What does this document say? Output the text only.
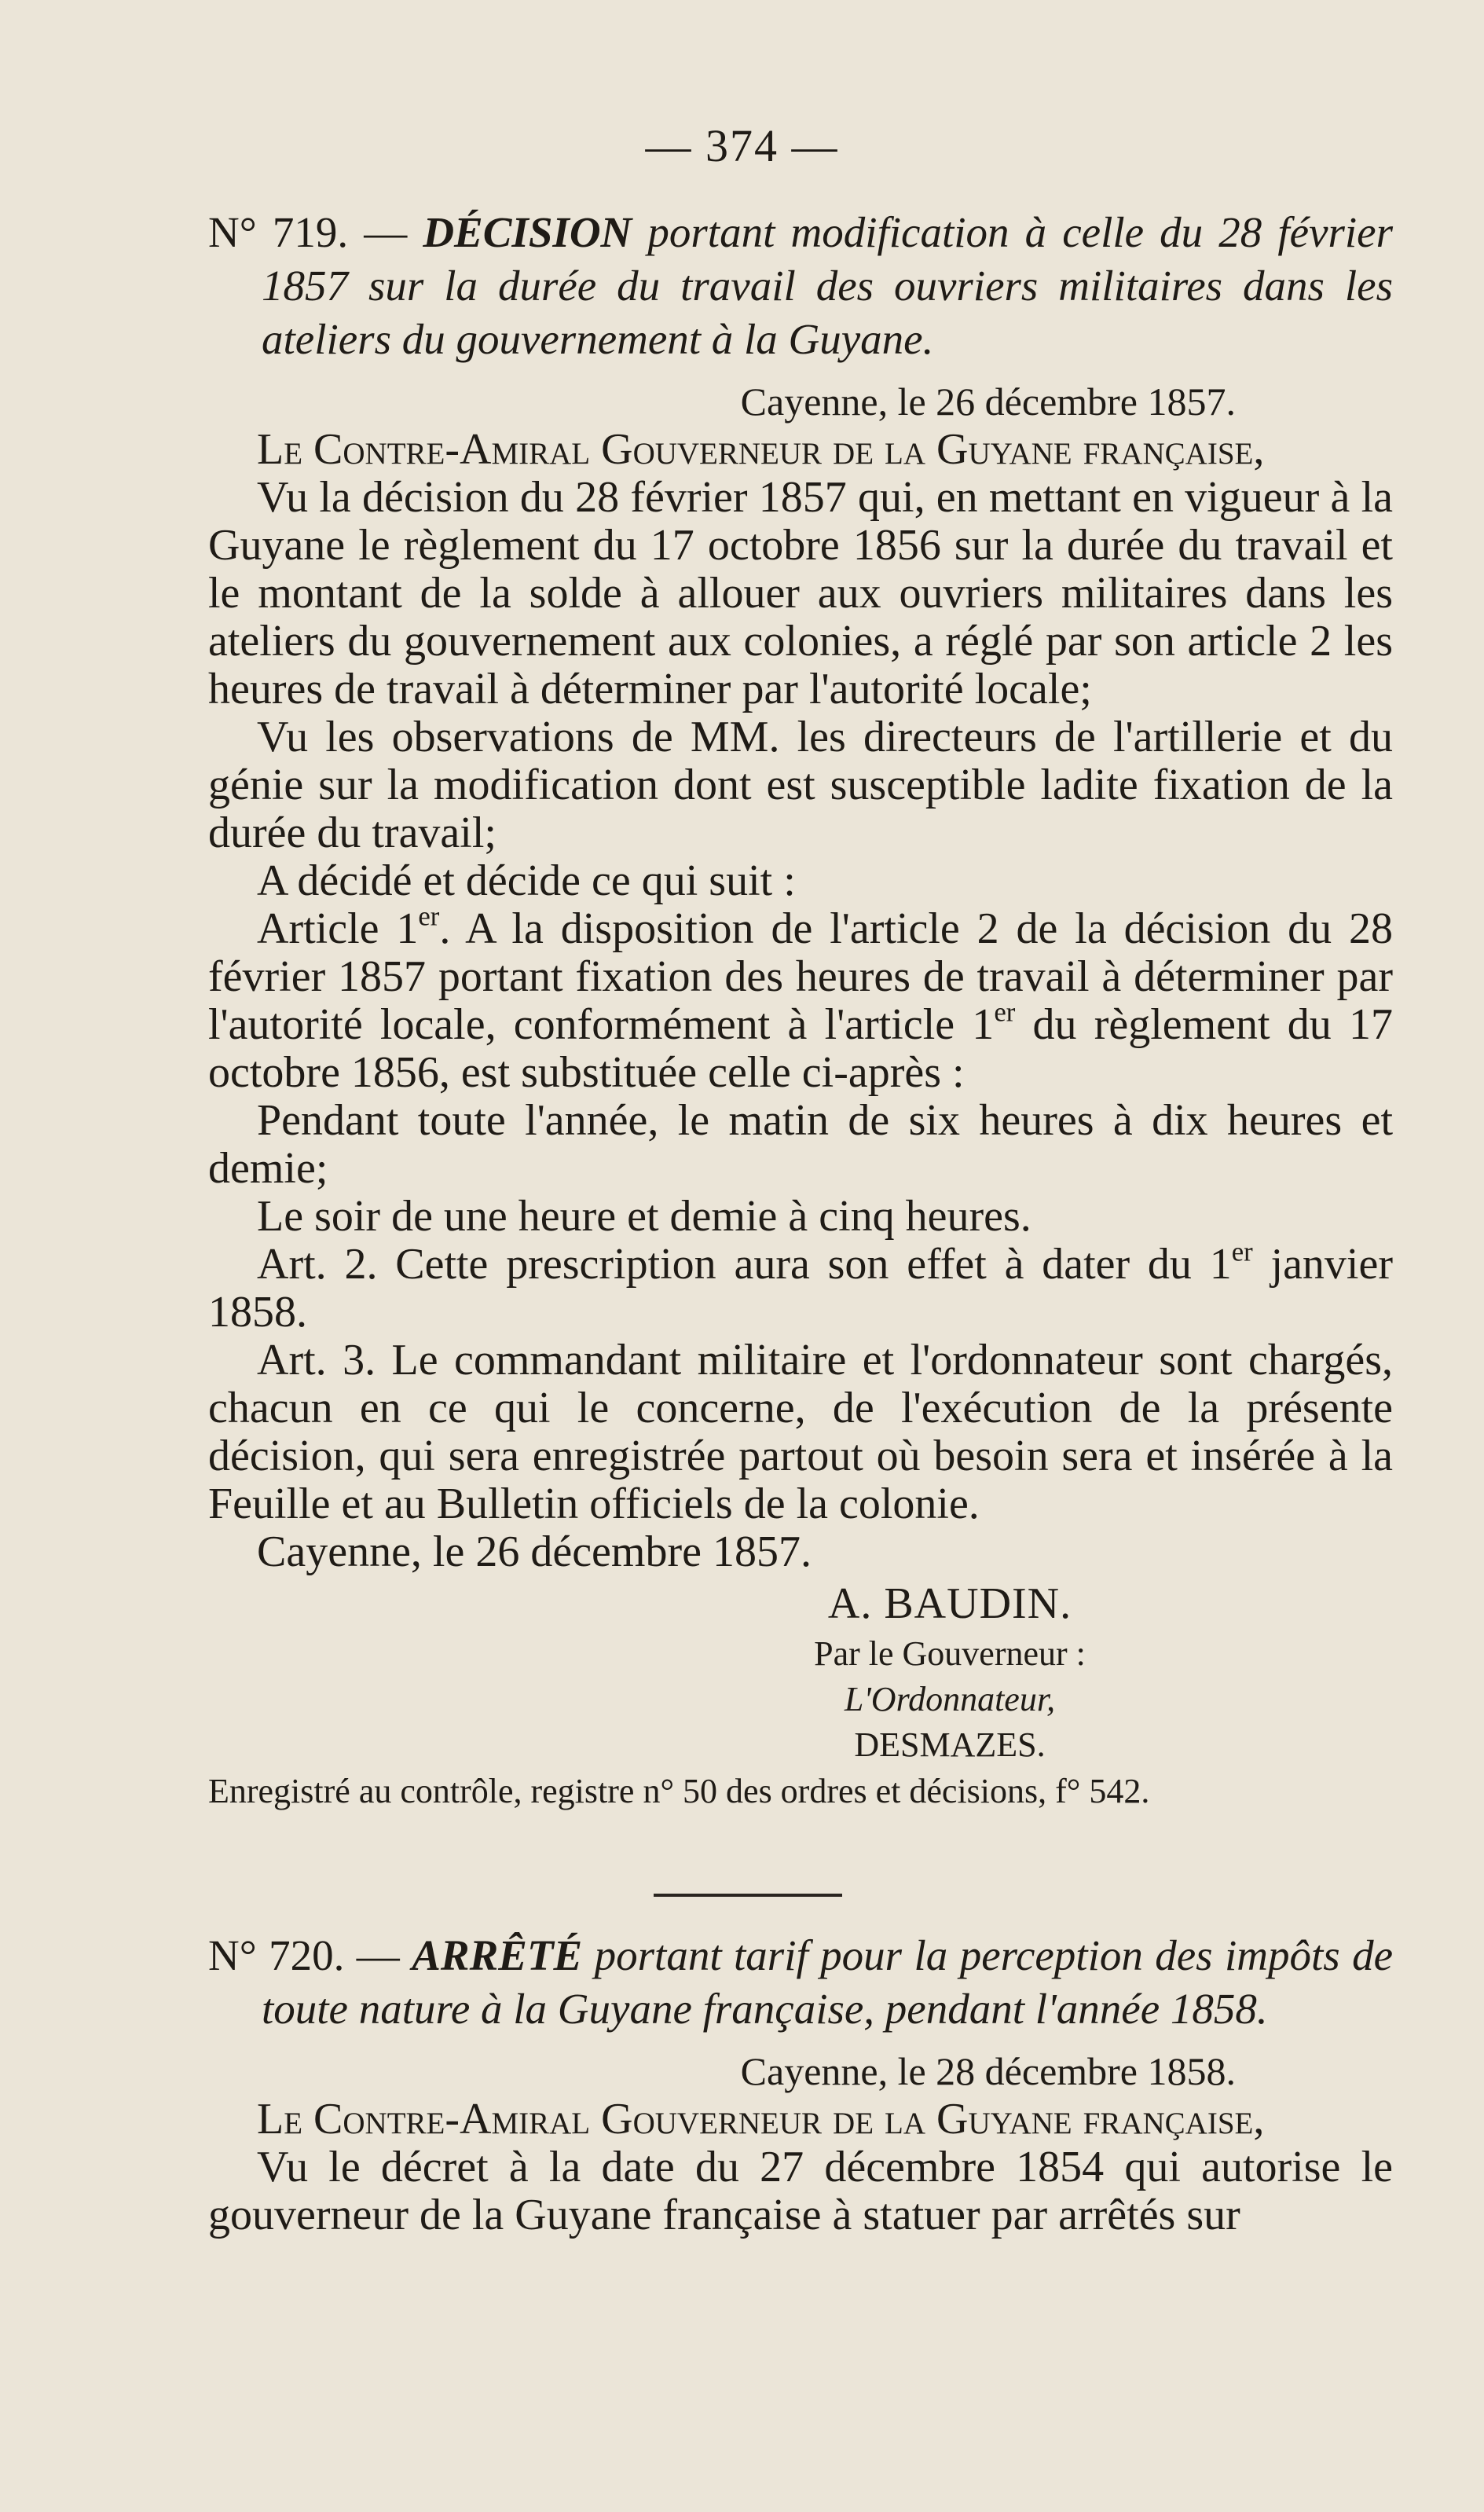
— 374 —

N° 719. — DÉCISION portant modification à celle du 28 février 1857 sur la durée du travail des ouvriers militaires dans les ateliers du gouvernement à la Guyane.

Cayenne, le 26 décembre 1857.

Le Contre-Amiral Gouverneur de la Guyane française,

Vu la décision du 28 février 1857 qui, en mettant en vigueur à la Guyane le règlement du 17 octobre 1856 sur la durée du travail et le montant de la solde à allouer aux ouvriers militaires dans les ateliers du gouvernement aux colonies, a réglé par son article 2 les heures de travail à déterminer par l'autorité locale;

Vu les observations de MM. les directeurs de l'artillerie et du génie sur la modification dont est susceptible ladite fixation de la durée du travail;

A décidé et décide ce qui suit :

Article 1er. A la disposition de l'article 2 de la décision du 28 février 1857 portant fixation des heures de travail à déterminer par l'autorité locale, conformément à l'article 1er du règlement du 17 octobre 1856, est substituée celle ci-après :

Pendant toute l'année, le matin de six heures à dix heures et demie;

Le soir de une heure et demie à cinq heures.

Art. 2. Cette prescription aura son effet à dater du 1er janvier 1858.

Art. 3. Le commandant militaire et l'ordonnateur sont chargés, chacun en ce qui le concerne, de l'exécution de la présente décision, qui sera enregistrée partout où besoin sera et insérée à la Feuille et au Bulletin officiels de la colonie.

Cayenne, le 26 décembre 1857.

A. BAUDIN.

Par le Gouverneur :

L'Ordonnateur,

DESMAZES.

Enregistré au contrôle, registre n° 50 des ordres et décisions, f° 542.

N° 720. — ARRÊTÉ portant tarif pour la perception des impôts de toute nature à la Guyane française, pendant l'année 1858.

Cayenne, le 28 décembre 1858.

Le Contre-Amiral Gouverneur de la Guyane française,

Vu le décret à la date du 27 décembre 1854 qui autorise le gouverneur de la Guyane française à statuer par arrêtés sur
